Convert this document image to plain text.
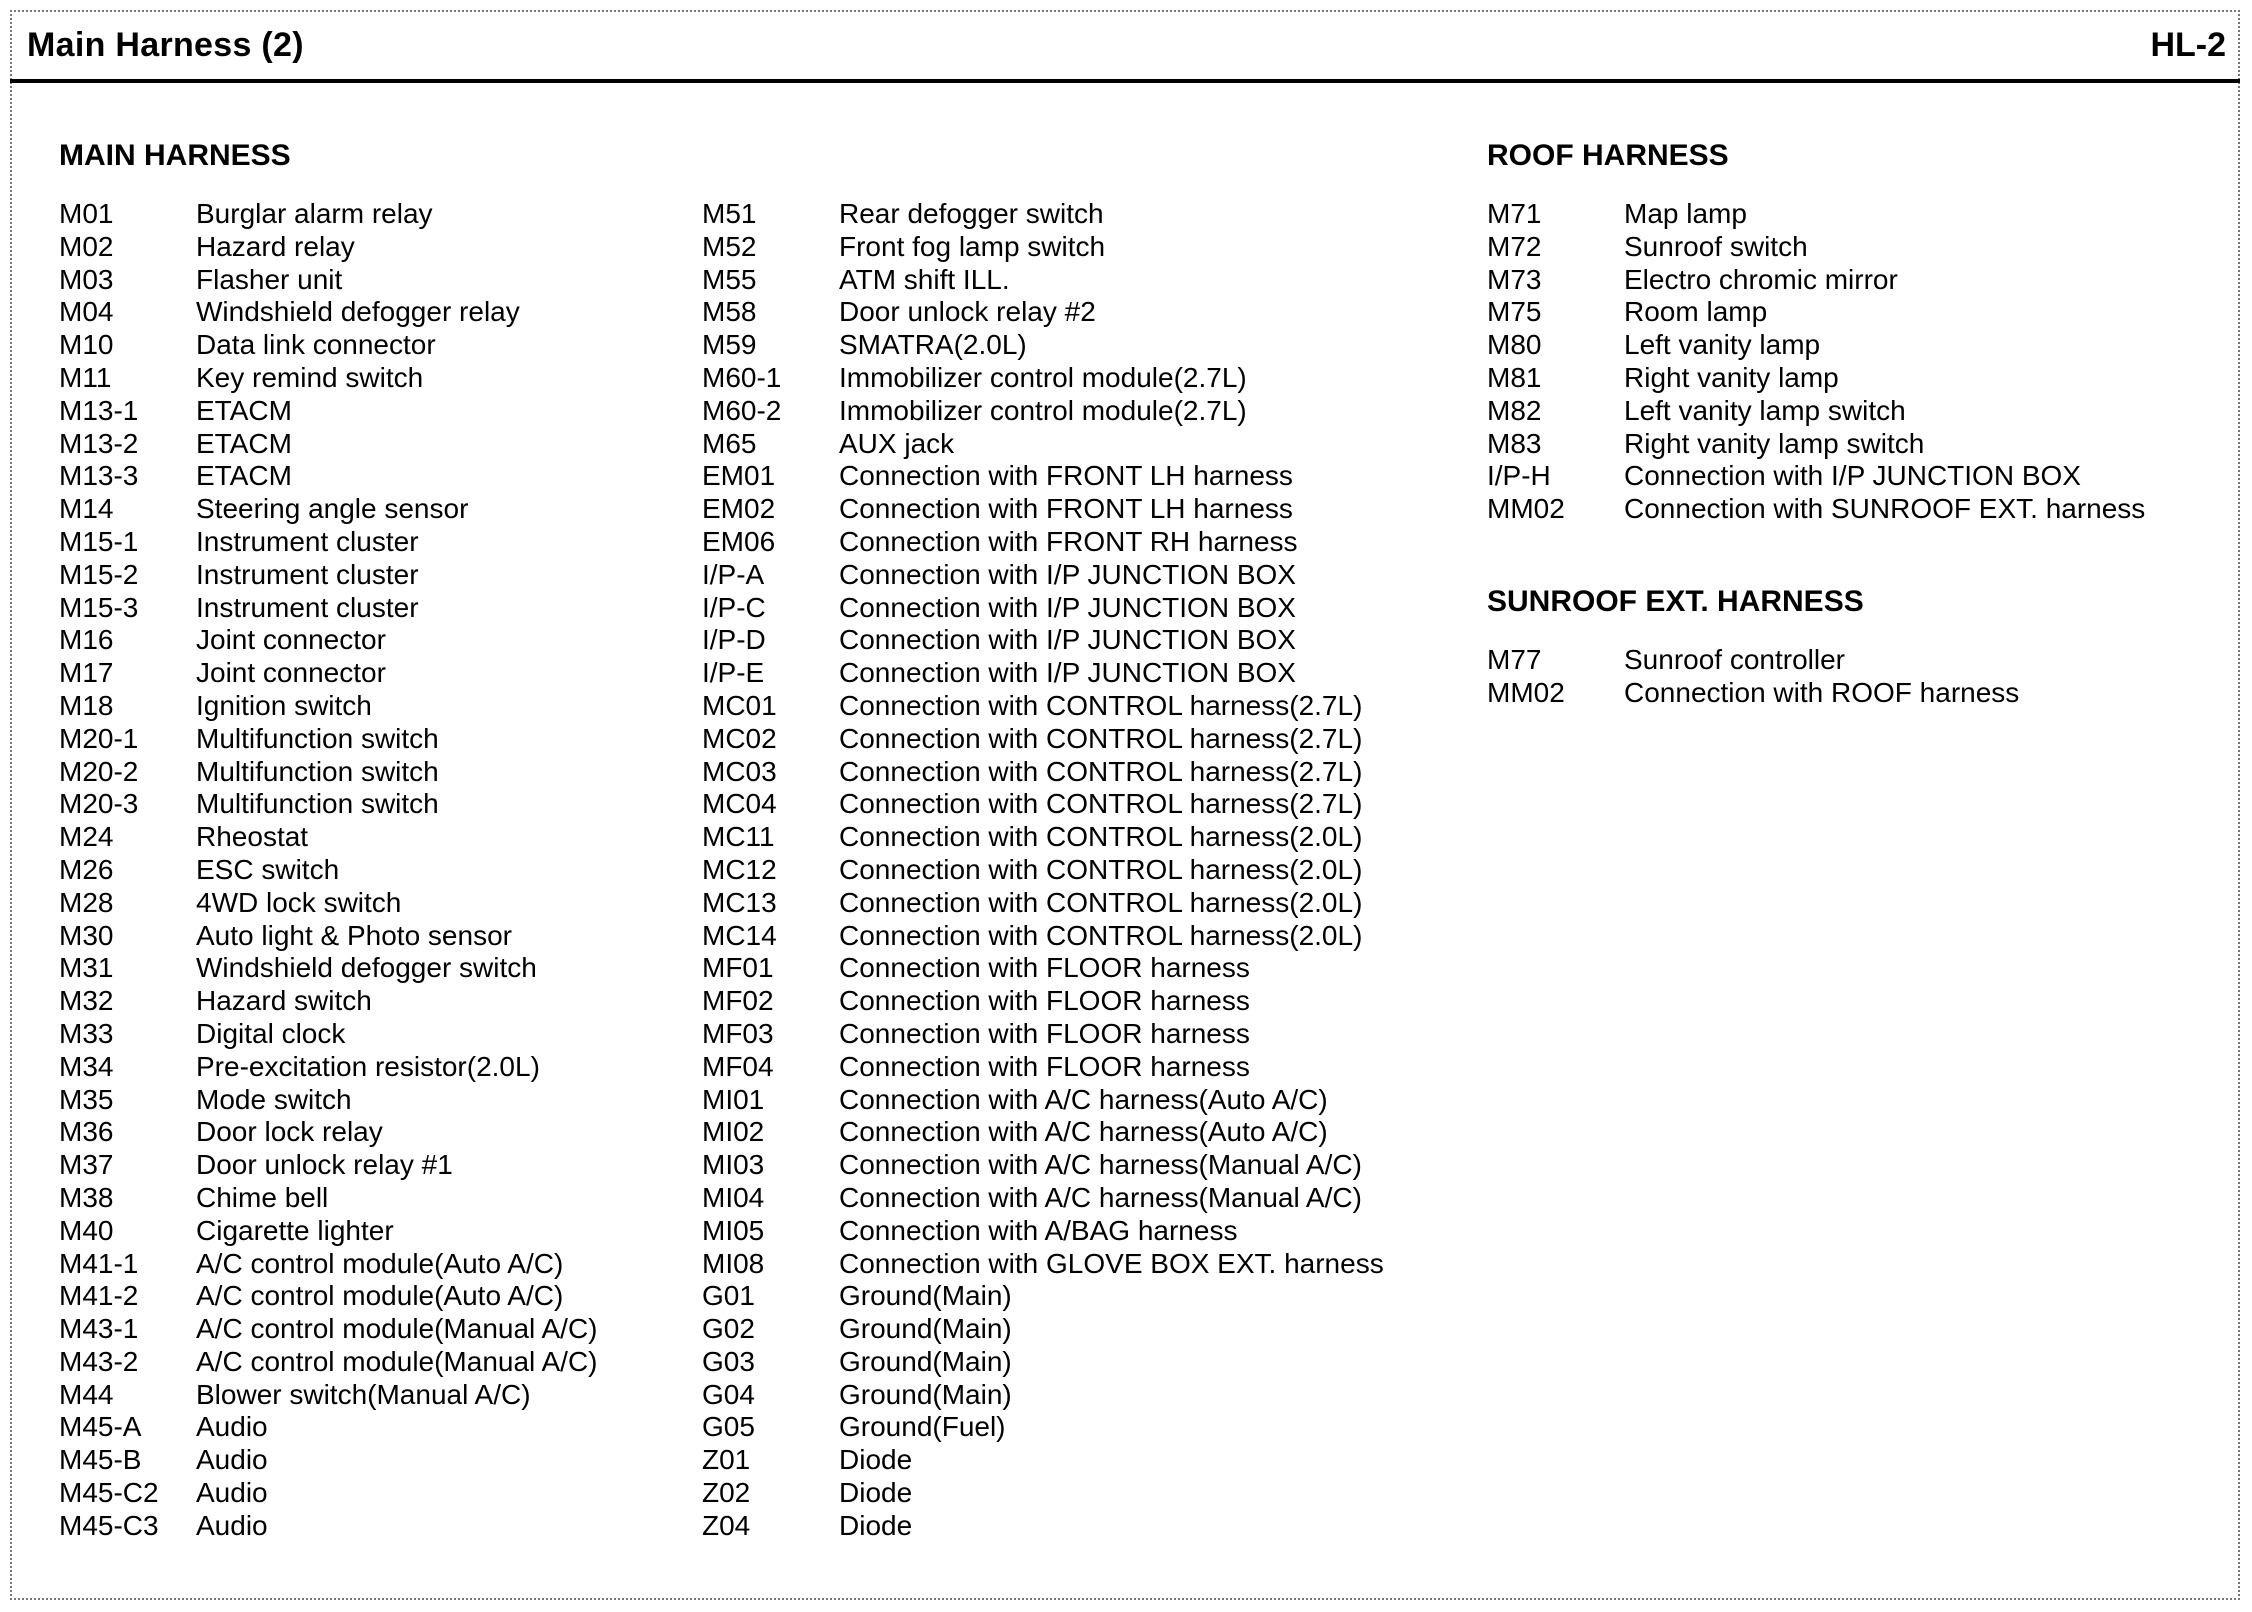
Main Harness (2)	HL-2
MAIN HARNESS
M01	Burglar alarm relay
M02	Hazard relay
M03	Flasher unit
M04	Windshield defogger relay
M10	Data link connector
M11	Key remind switch
M13-1 ETACM
M13-2 ETACM
M13-3 ETACM
M14	Steering angle sensor
M15-1 Instrument cluster
M15-2 Instrument cluster
M15-3 Instrument cluster
M16	Joint connector
M17	Joint connector
M18	Ignition switch
M20-1 Multifunction switch
M20-2 Multifunction switch
M20-3 Multifunction switch
M24	Rheostat
M26	ESC switch
M28	4WD lock switch
M30	Auto light & Photo sensor
M31	Windshield defogger switch
M32	Hazard switch
M33	Digital clock
M34	Pre-excitation resistor(2.0L)
M35	Mode switch
M36	Door lock relay
M37	Door unlock relay #1
M38	Chime bell
M40	Cigarette lighter
M41-1 A/C control module(Auto A/C)
M41-2 A/C control module(Auto A/C)
M43-1 A/C control module(Manual A/C)
M43-2 A/C control module(Manual A/C)
M44	Blower switch(Manual A/C)
M45-A Audio
M45-B Audio
M45-C2 Audio
M45-C3 Audio
M51	Rear defogger switch
M52	Front fog lamp switch
M55	ATM shift ILL.
M58	Door unlock relay #2
M59	SMATRA(2.0L)
M60-1 Immobilizer control module(2.7L)
M60-2 Immobilizer control module(2.7L)
M65	AUX jack
EM01 Connection with FRONT LH harness
EM02 Connection with FRONT LH harness
EM06 Connection with FRONT RH harness
I/P-A	Connection with I/P JUNCTION BOX
I/P-C	Connection with I/P JUNCTION BOX
I/P-D	Connection with I/P JUNCTION BOX
I/P-E	Connection with I/P JUNCTION BOX
MC01 Connection with CONTROL harness(2.7L)
MC02 Connection with CONTROL harness(2.7L)
MC03 Connection with CONTROL harness(2.7L)
MC04 Connection with CONTROL harness(2.7L)
MC11 Connection with CONTROL harness(2.0L)
MC12 Connection with CONTROL harness(2.0L)
MC13 Connection with CONTROL harness(2.0L)
MC14 Connection with CONTROL harness(2.0L)
MF01 Connection with FLOOR harness
MF02 Connection with FLOOR harness
MF03 Connection with FLOOR harness
MF04 Connection with FLOOR harness
MI01	Connection with A/C harness(Auto A/C)
MI02	Connection with A/C harness(Auto A/C)
MI03	Connection with A/C harness(Manual A/C)
MI04	Connection with A/C harness(Manual A/C)
MI05	Connection with A/BAG harness
MI08	Connection with GLOVE BOX EXT. harness
G01	Ground(Main)
G02	Ground(Main)
G03	Ground(Main)
G04	Ground(Main)
G05	Ground(Fuel)
Z01	Diode
Z02	Diode
Z04	Diode
ROOF HARNESS
M71	Map lamp
M72	Sunroof switch
M73	Electro chromic mirror
M75	Room lamp
M80	Left vanity lamp
M81	Right vanity lamp
M82	Left vanity lamp switch
M83	Right vanity lamp switch
I/P-H	Connection with I/P JUNCTION BOX
MM02 Connection with SUNROOF EXT. harness
SUNROOF EXT. HARNESS
M77	Sunroof controller
MM02 Connection with ROOF harness
